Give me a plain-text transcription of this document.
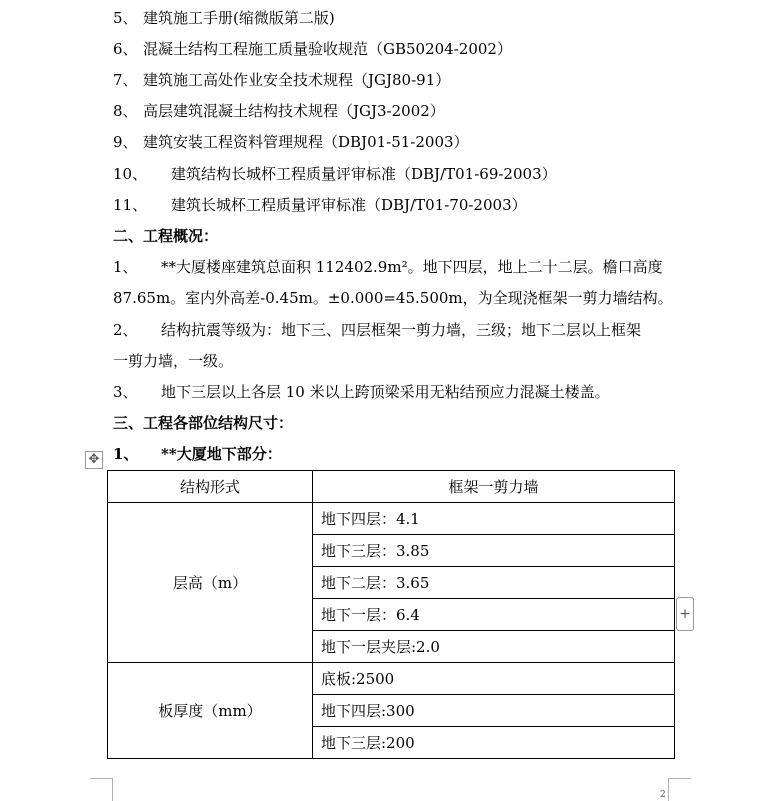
5、 建筑施工手册(缩微版第二版)
6、 混凝土结构工程施工质量验收规范（GB50204-2002）
7、 建筑施工高处作业安全技术规程（JGJ80-91）
8、 高层建筑混凝土结构技术规程（JGJ3-2002）
9、 建筑安装工程资料管理规程（DBJ01-51-2003）
10、 建筑结构长城杯工程质量评审标准（DBJ/T01-69-2003）
11、 建筑长城杯工程质量评审标准（DBJ/T01-70-2003）
二、工程概况：
1、 **大厦楼座建筑总面积 112402.9m²。地下四层，地上二十二层。檐口高度
87.65m。室内外高差-0.45m。±0.000=45.500m，为全现浇框架一剪力墙结构。
2、 结构抗震等级为：地下三、四层框架一剪力墙，三级；地下二层以上框架
一剪力墙，一级。
3、 地下三层以上各层 10 米以上跨顶梁采用无粘结预应力混凝土楼盖。
三、工程各部位结构尺寸：
1、 **大厦地下部分：
✥
结构形式	框架一剪力墙
层高（m）	地下四层：4.1
	地下三层：3.85
	地下二层：3.65
	地下一层：6.4
	地下一层夹层:2.0
板厚度（mm）	底板:2500
	地下四层:300
	地下三层:200
+
2
